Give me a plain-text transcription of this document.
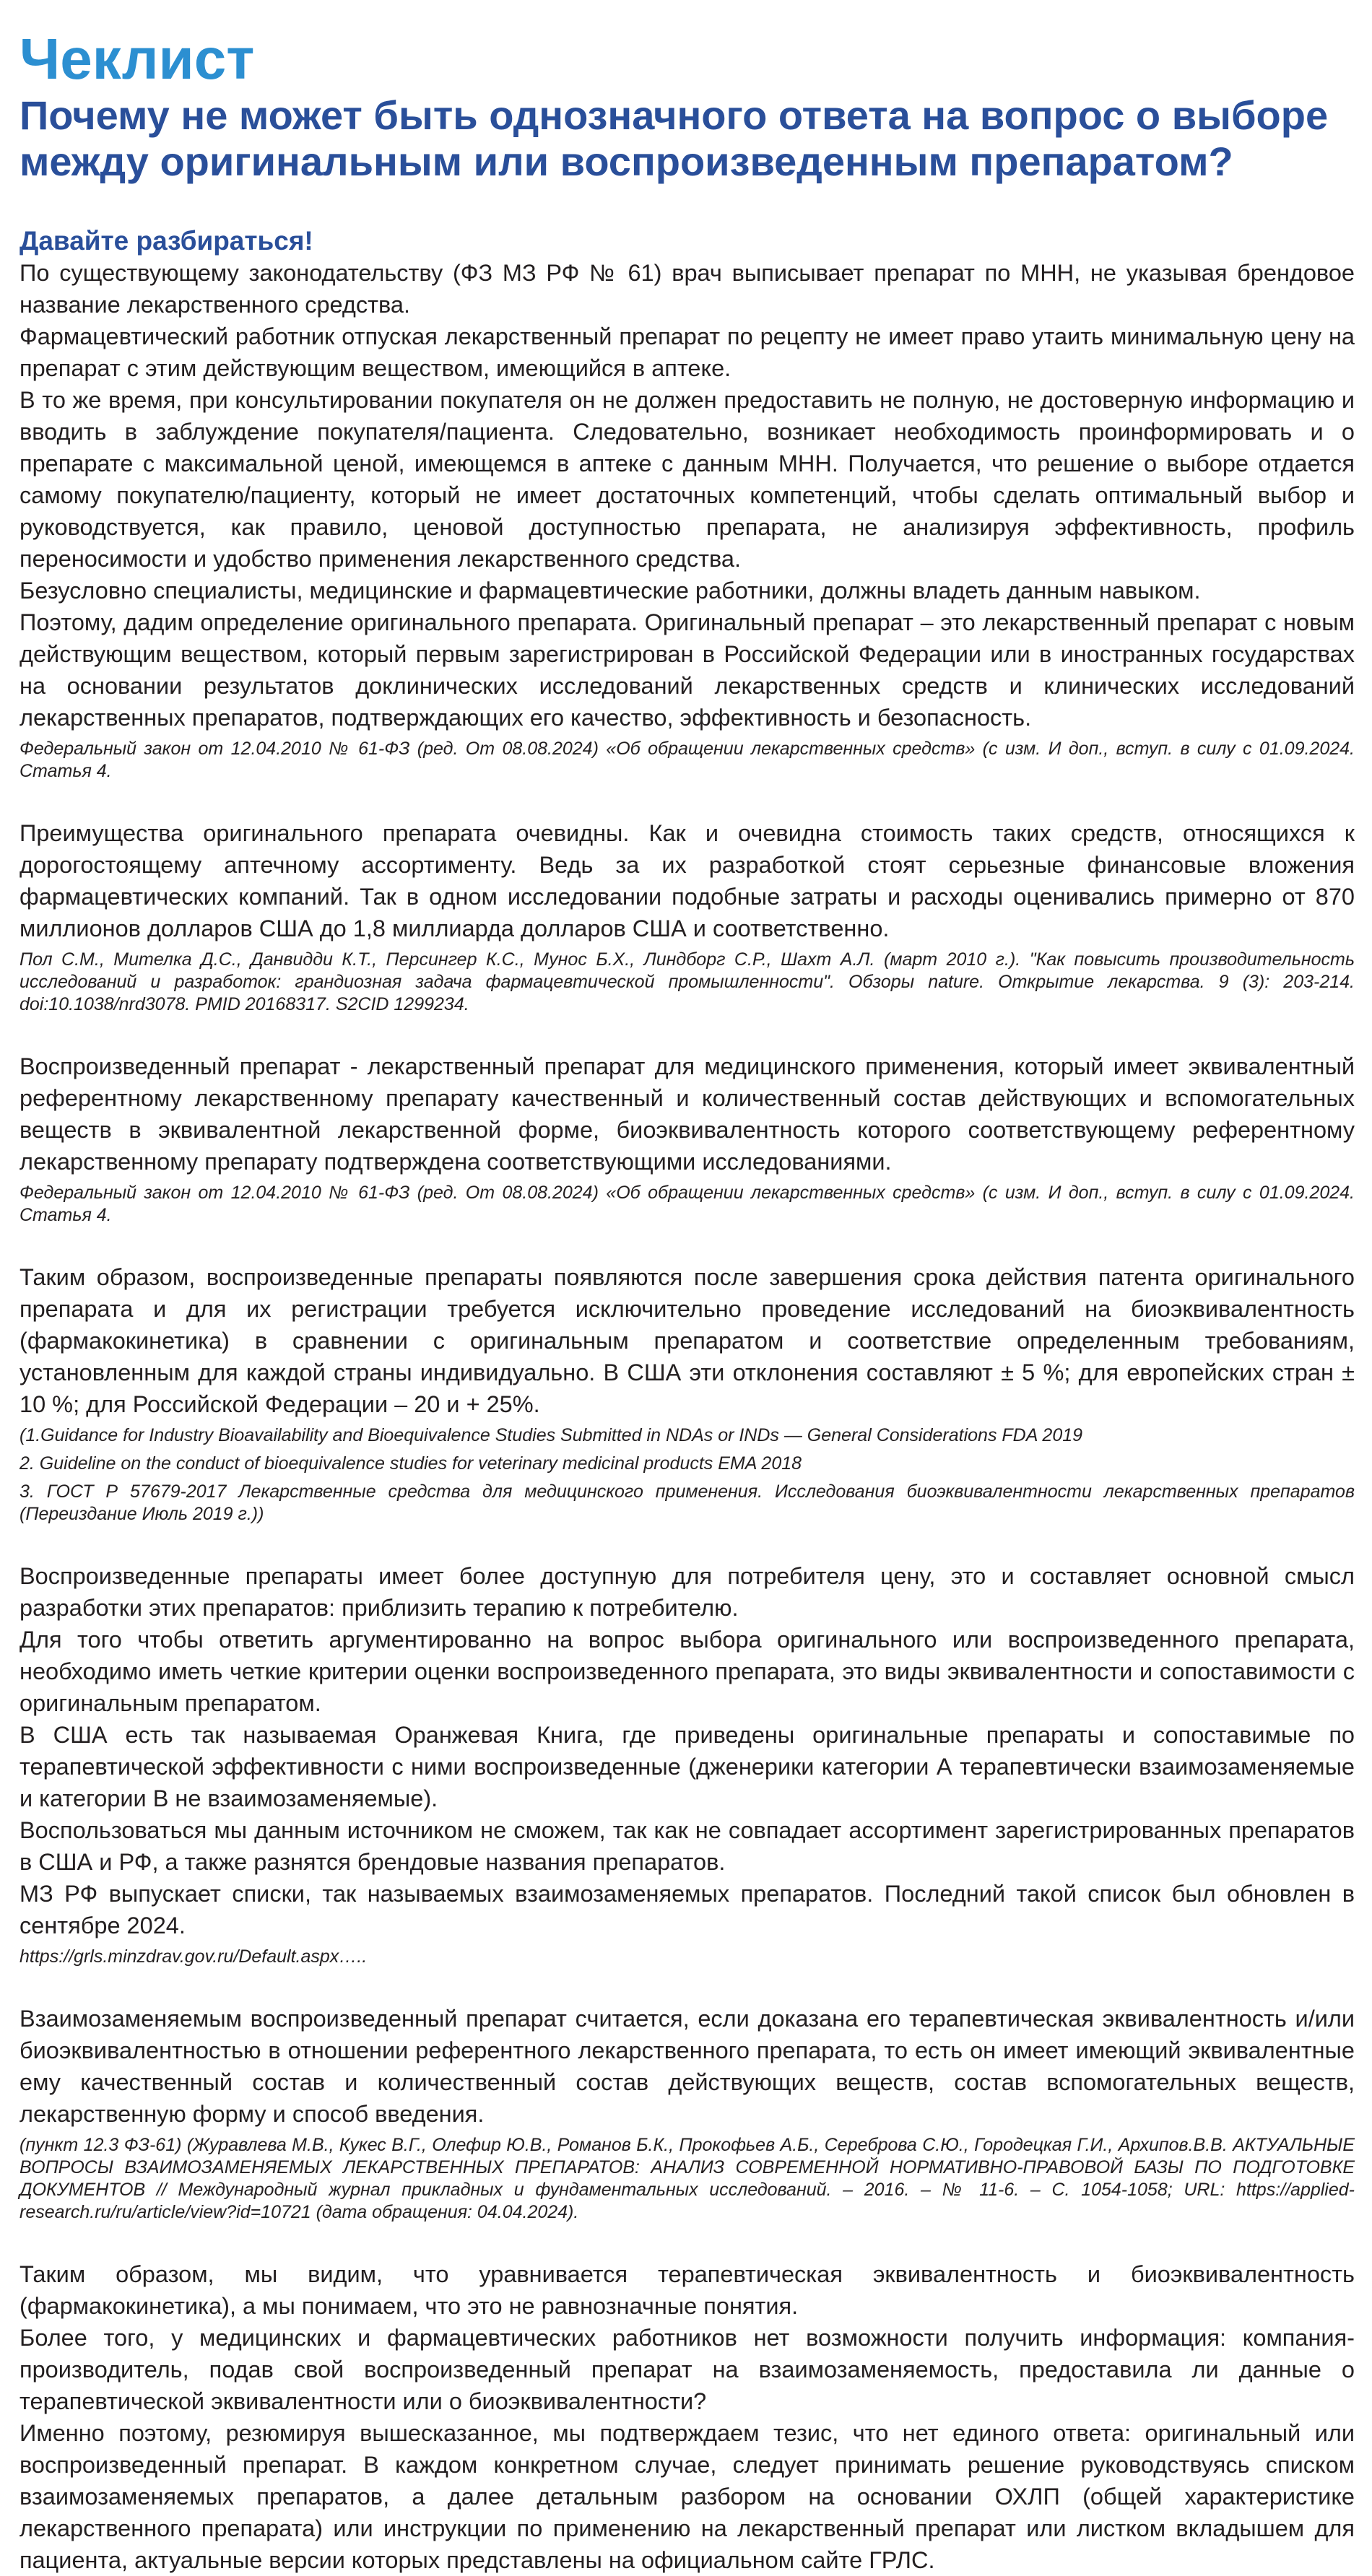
Чеклист
Почему не может быть однозначного ответа на вопрос о выборе между оригинальным или воспроизведенным препаратом?
Давайте разбираться!

По существующему законодательству (ФЗ МЗ РФ № 61) врач выписывает препарат по МНН, не указывая брендовое название лекарственного средства.

Фармацевтический работник отпуская лекарственный препарат по рецепту не имеет право утаить минимальную цену на препарат с этим действующим веществом, имеющийся в аптеке.

В то же время, при консультировании покупателя он не должен предоставить не полную, не достоверную информацию и вводить в заблуждение покупателя/пациента. Следовательно, возникает необходимость проинформировать и о препарате с максимальной ценой, имеющемся в аптеке с данным МНН. Получается, что решение о выборе отдается самому покупателю/пациенту, который не имеет достаточных компетенций, чтобы сделать оптимальный выбор и руководствуется, как правило, ценовой доступностью препарата, не анализируя эффективность, профиль переносимости и удобство применения лекарственного средства.

Безусловно специалисты, медицинские и фармацевтические работники, должны владеть данным навыком.

Поэтому, дадим определение оригинального препарата. Оригинальный препарат – это лекарственный препарат с новым действующим веществом, который первым зарегистрирован в Российской Федерации или в иностранных государствах на основании результатов доклинических исследований лекарственных средств и клинических исследований лекарственных препаратов, подтверждающих его качество, эффективность и безопасность.

Федеральный закон от 12.04.2010 № 61-ФЗ (ред. От 08.08.2024) «Об обращении лекарственных средств» (с изм. И доп., вступ. в силу с 01.09.2024. Статья 4.

Преимущества оригинального препарата очевидны. Как и очевидна стоимость таких средств, относящихся к дорогостоящему аптечному ассортименту. Ведь за их разработкой стоят серьезные финансовые вложения фармацевтических компаний. Так в одном исследовании подобные затраты и расходы оценивались примерно от 870 миллионов долларов США до 1,8 миллиарда долларов США и соответственно.

Пол С.М., Мителка Д.С., Данвидди К.Т., Персингер К.С., Мунос Б.Х., Линдборг С.Р., Шахт А.Л. (март 2010 г.). "Как повысить производительность исследований и разработок: грандиозная задача фармацевтической промышленности". Обзоры nature. Открытие лекарства. 9 (3): 203-214. doi:10.1038/nrd3078. PMID 20168317. S2CID 1299234.

Воспроизведенный препарат - лекарственный препарат для медицинского применения, который имеет эквивалентный референтному лекарственному препарату качественный и количественный состав действующих и вспомогательных веществ в эквивалентной лекарственной форме, биоэквивалентность которого соответствующему референтному лекарственному препарату подтверждена соответствующими исследованиями.

Федеральный закон от 12.04.2010 № 61-ФЗ (ред. От 08.08.2024) «Об обращении лекарственных средств» (с изм. И доп., вступ. в силу с 01.09.2024. Статья 4.

Таким образом, воспроизведенные препараты появляются после завершения срока действия патента оригинального препарата и для их регистрации требуется исключительно проведение исследований на биоэквивалентность (фармакокинетика) в сравнении с оригинальным препаратом и соответствие определенным требованиям, установленным для каждой страны индивидуально. В США эти отклонения составляют ± 5 %; для европейских стран ± 10 %; для Российской Федерации – 20 и + 25%.

(1.Guidance for Industry Bioavailability and Bioequivalence Studies Submitted in NDAs or INDs — General Considerations FDA 2019

2. Guideline on the conduct of bioequivalence studies for veterinary medicinal products EMA 2018

3. ГОСТ Р 57679-2017 Лекарственные средства для медицинского применения. Исследования биоэквивалентности лекарственных препаратов (Переиздание Июль 2019 г.))

Воспроизведенные препараты имеет более доступную для потребителя цену, это и составляет основной смысл разработки этих препаратов: приблизить терапию к потребителю.

Для того чтобы ответить аргументированно на вопрос выбора оригинального или воспроизведенного препарата, необходимо иметь четкие критерии оценки воспроизведенного препарата, это виды эквивалентности и сопоставимости с оригинальным препаратом.

В США есть так называемая Оранжевая Книга, где приведены оригинальные препараты и сопоставимые по терапевтической эффективности с ними воспроизведенные (дженерики категории А терапевтически взаимозаменяемые и категории В не взаимозаменяемые).

Воспользоваться мы данным источником не сможем, так как не совпадает ассортимент зарегистрированных препаратов в США и РФ, а также разнятся брендовые названия препаратов.

МЗ РФ выпускает списки, так называемых взаимозаменяемых препаратов. Последний такой список был обновлен в сентябре 2024.

https://grls.minzdrav.gov.ru/Default.aspx…..

Взаимозаменяемым воспроизведенный препарат считается, если доказана его терапевтическая эквивалентность и/или биоэквивалентностью в отношении референтного лекарственного препарата, то есть он имеет имеющий эквивалентные ему качественный состав и количественный состав действующих веществ, состав вспомогательных веществ, лекарственную форму и способ введения.

(пункт 12.3 ФЗ-61) (Журавлева М.В., Кукес В.Г., Олефир Ю.В., Романов Б.К., Прокофьев А.Б., Сереброва С.Ю., Городецкая Г.И., Архипов.В.В. АКТУАЛЬНЫЕ ВОПРОСЫ ВЗАИМОЗАМЕНЯЕМЫХ ЛЕКАРСТВЕННЫХ ПРЕПАРАТОВ: АНАЛИЗ СОВРЕМЕННОЙ НОРМАТИВНО-ПРАВОВОЙ БАЗЫ ПО ПОДГОТОВКЕ ДОКУМЕНТОВ // Международный журнал прикладных и фундаментальных исследований. – 2016. – № 11-6. – С. 1054-1058; URL: https://applied-research.ru/ru/article/view?id=10721 (дата обращения: 04.04.2024).

Таким образом, мы видим, что уравнивается терапевтическая эквивалентность и биоэквивалентность (фармакокинетика), а мы понимаем, что это не равнозначные понятия.

Более того, у медицинских и фармацевтических работников нет возможности получить информация: компания-производитель, подав свой воспроизведенный препарат на взаимозаменяемость, предоставила ли данные о терапевтической эквивалентности или о биоэквивалентности?

Именно поэтому, резюмируя вышесказанное, мы подтверждаем тезис, что нет единого ответа: оригинальный или воспроизведенный препарат. В каждом конкретном случае, следует принимать решение руководствуясь списком взаимозаменяемых препаратов, а далее детальным разбором на основании ОХЛП (общей характеристике лекарственного препарата) или инструкции по применению на лекарственный препарат или листком вкладышем для пациента, актуальные версии которых представлены на официальном сайте ГРЛС.
